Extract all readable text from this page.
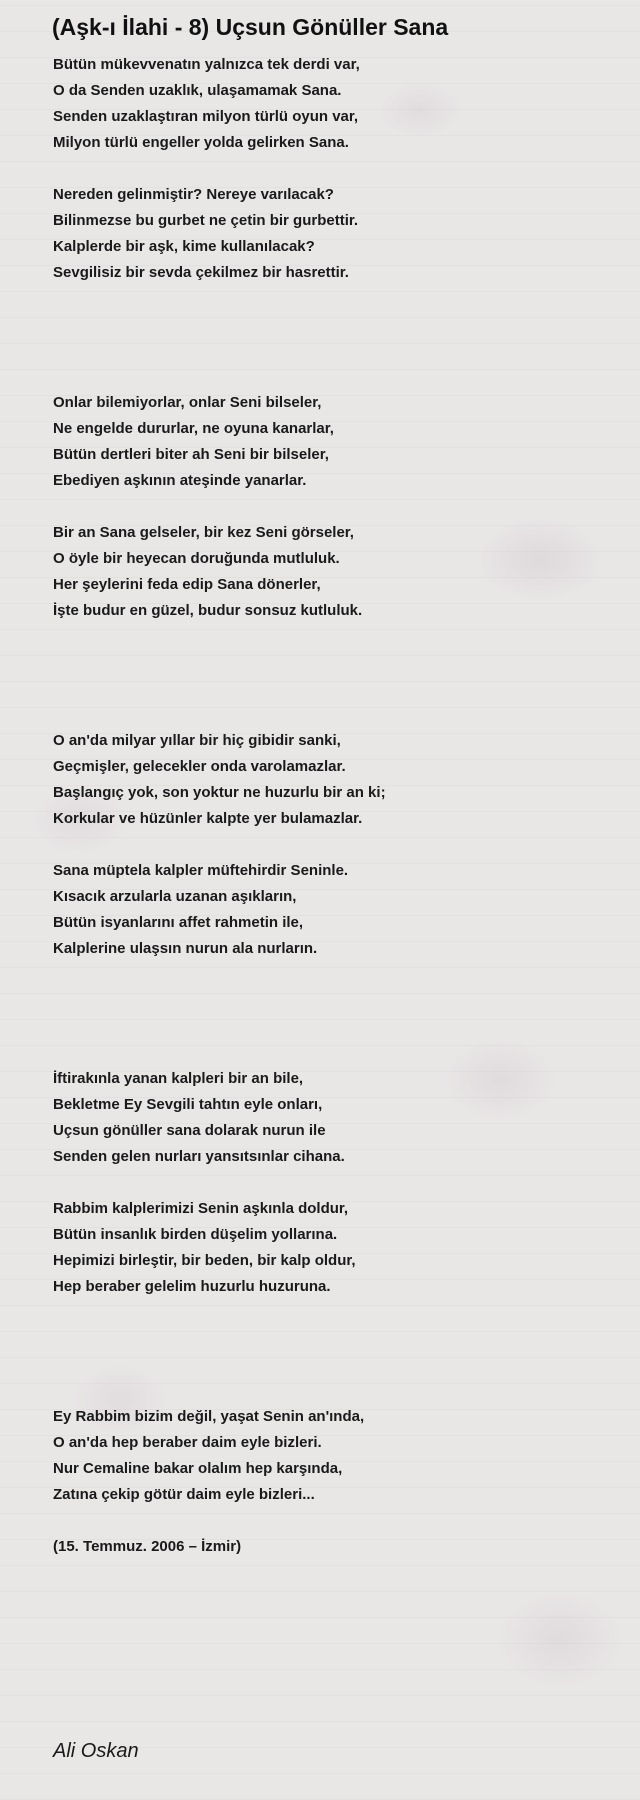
(Aşk-ı İlahi - 8) Uçsun Gönüller Sana
Bütün mükevvenatın yalnızca tek derdi var,
O da Senden uzaklık, ulaşamamak Sana.
Senden uzaklaştıran milyon türlü oyun var,
Milyon türlü engeller yolda gelirken Sana.
Nereden gelinmiştir? Nereye varılacak?
Bilinmezse bu gurbet ne çetin bir gurbettir.
Kalplerde bir aşk, kime kullanılacak?
Sevgilisiz bir sevda çekilmez bir hasrettir.
Onlar bilemiyorlar, onlar Seni bilseler,
Ne engelde dururlar, ne oyuna kanarlar,
Bütün dertleri biter ah Seni bir bilseler,
Ebediyen aşkının ateşinde yanarlar.
Bir an Sana gelseler, bir kez Seni görseler,
O öyle bir heyecan doruğunda mutluluk.
Her şeylerini feda edip Sana dönerler,
İşte budur en güzel, budur sonsuz kutluluk.
O an'da milyar yıllar bir hiç gibidir sanki,
Geçmişler, gelecekler onda varolamazlar.
Başlangıç yok, son yoktur ne huzurlu bir an ki;
Korkular ve hüzünler kalpte yer bulamazlar.
Sana müptela kalpler müftehirdir Seninle.
Kısacık arzularla uzanan aşıkların,
Bütün isyanlarını affet rahmetin ile,
Kalplerine ulaşsın nurun ala nurların.
İftirakınla yanan kalpleri bir an bile,
Bekletme Ey Sevgili tahtın eyle onları,
Uçsun gönüller sana dolarak nurun ile
Senden gelen nurları yansıtsınlar cihana.
Rabbim kalplerimizi Senin aşkınla doldur,
Bütün insanlık birden düşelim yollarına.
Hepimizi birleştir, bir beden, bir kalp oldur,
Hep beraber gelelim huzurlu huzuruna.
Ey Rabbim bizim değil, yaşat Senin an'ında,
O an'da hep beraber daim eyle bizleri.
Nur Cemaline bakar olalım hep karşında,
Zatına çekip götür daim eyle bizleri...
(15. Temmuz. 2006 – İzmir)
Ali Oskan
